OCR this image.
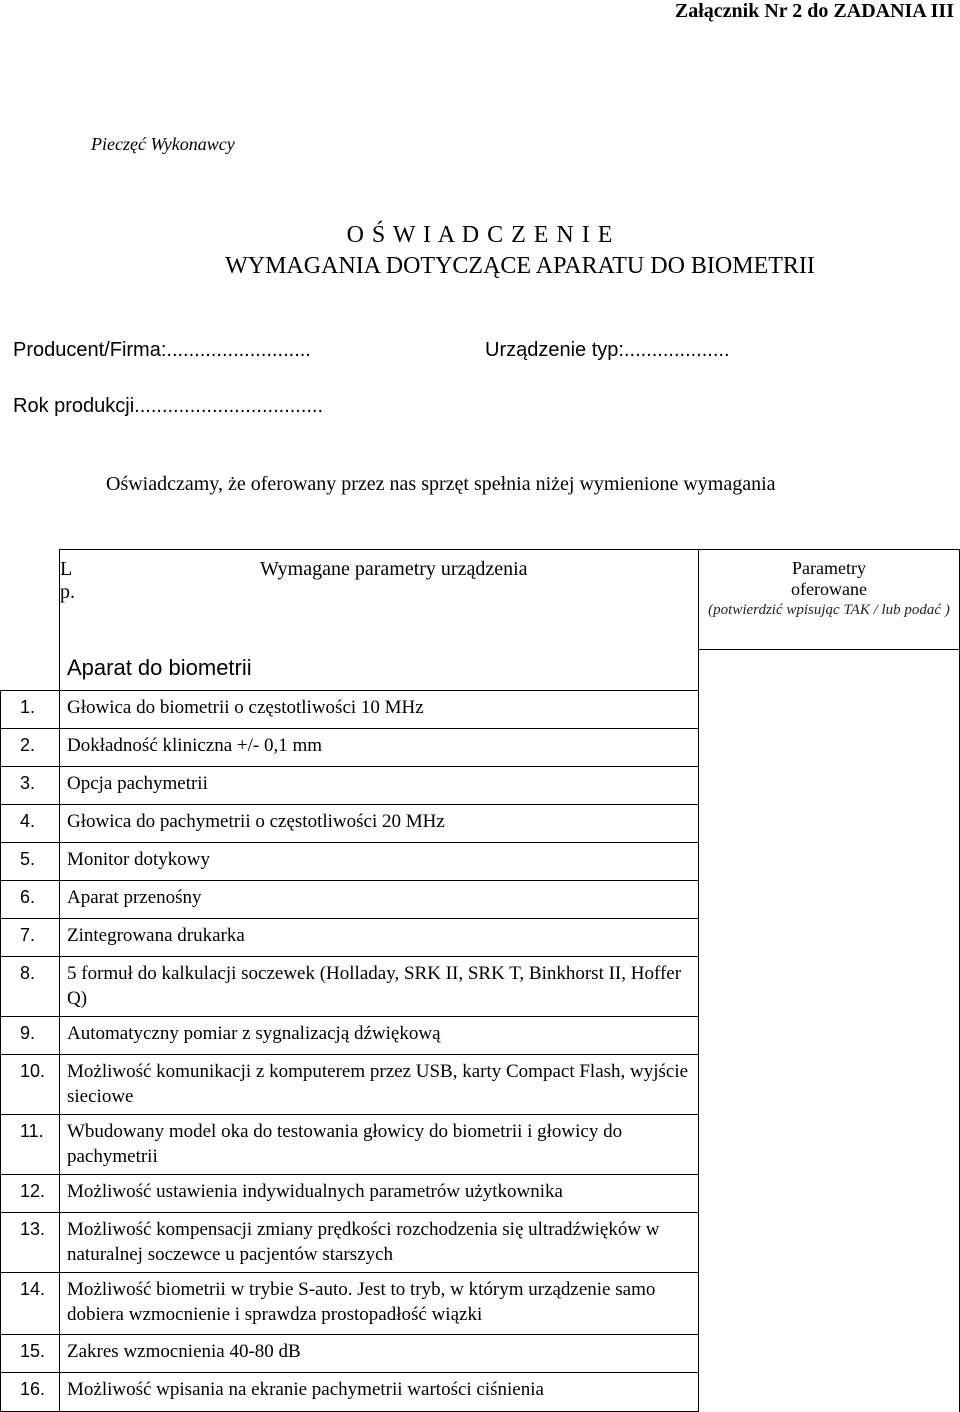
Załącznik Nr 2 do ZADANIA III
Pieczęć Wykonawcy
O Ś W I A D C Z E N I E
WYMAGANIA DOTYCZĄCE APARATU DO BIOMETRII
Producent/Firma:..........................	Urządzenie typ:...................
Rok produkcji..................................
Oświadczamy, że oferowany przez nas sprzęt spełnia niżej wymienione wymagania
L
p.
Wymagane parametry urządzenia	Parametry
oferowane
(potwierdzić wpisując TAK / lub podać )
Aparat do biometrii
1. Głowica do biometrii o częstotliwości 10 MHz
2. Dokładność kliniczna +/- 0,1 mm
3. Opcja pachymetrii
4. Głowica do pachymetrii o częstotliwości 20 MHz
5. Monitor dotykowy
6. Aparat przenośny
7. Zintegrowana drukarka
8. 5 formuł do kalkulacji soczewek (Holladay, SRK II, SRK T, Binkhorst II, Hoffer Q)
9. Automatyczny pomiar z sygnalizacją dźwiękową
10. Możliwość komunikacji z komputerem przez USB, karty Compact Flash, wyjście sieciowe
11. Wbudowany model oka do testowania głowicy do biometrii i głowicy do pachymetrii
12. Możliwość ustawienia indywidualnych parametrów użytkownika
13. Możliwość kompensacji zmiany prędkości rozchodzenia się ultradźwięków w naturalnej soczewce u pacjentów starszych
14. Możliwość biometrii w trybie S-auto. Jest to tryb, w którym urządzenie samo dobiera wzmocnienie i sprawdza prostopadłość wiązki
15. Zakres wzmocnienia 40-80 dB
16. Możliwość wpisania na ekranie pachymetrii wartości ciśnienia
